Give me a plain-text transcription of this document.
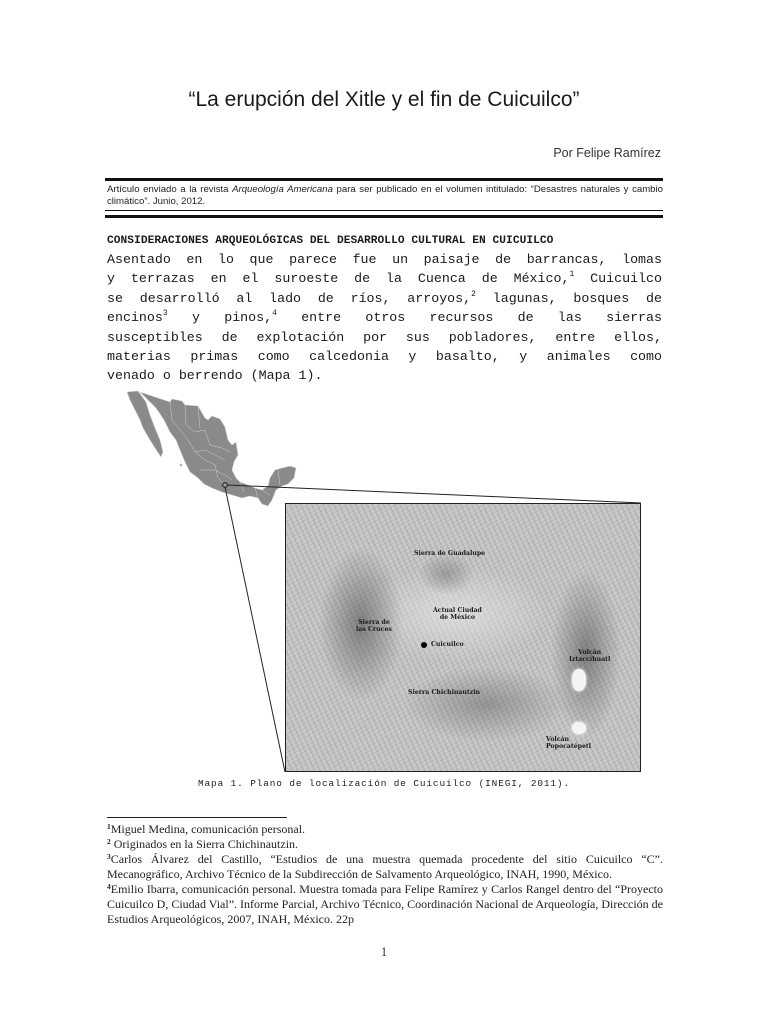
“La erupción del Xitle y el fin de Cuicuilco”
Por Felipe Ramírez
Artículo enviado a la revista Arqueología Americana para ser publicado en el volumen intitulado: “Desastres naturales y cambio climático”. Junio, 2012.
CONSIDERACIONES ARQUEOLÓGICAS DEL DESARROLLO CULTURAL EN CUICUILCO
Asentado en lo que parece fue un paisaje de barrancas, lomas
y terrazas en el suroeste de la Cuenca de México,$^1$ Cuicuilco
se desarrolló al lado de ríos, arroyos,$^2$ lagunas, bosques de
encinos$^3$ y pinos,$^4$ entre otros recursos de las sierras
susceptibles de explotación por sus pobladores, entre ellos,
materias primas como calcedonia y basalto, y animales como
venado o berrendo (Mapa 1).
Sierra de Guadalupe
Actual Ciudad
de México
Sierra de
las Cruces
Cuicuilco
Volcán
Iztaccíhuatl
Sierra Chichinautzin
Volcán
Popocatépetl
Mapa 1. Plano de localización de Cuicuilco (INEGI, 2011).
$^1$Miguel Medina, comunicación personal.
$^2$ Originados en la Sierra Chichinautzin.
$^3$Carlos Álvarez del Castillo, “Estudios de una muestra quemada procedente del sitio Cuicuilco “C”. Mecanográfico, Archivo Técnico de la Subdirección de Salvamento Arqueológico, INAH, 1990, México.
$^4$Emilio Ibarra, comunicación personal. Muestra tomada para Felipe Ramírez y Carlos Rangel dentro del “Proyecto Cuicuilco D, Ciudad Vial”. Informe Parcial, Archivo Técnico, Coordinación Nacional de Arqueología, Dirección de Estudios Arqueológicos, 2007, INAH, México. 22p
1
